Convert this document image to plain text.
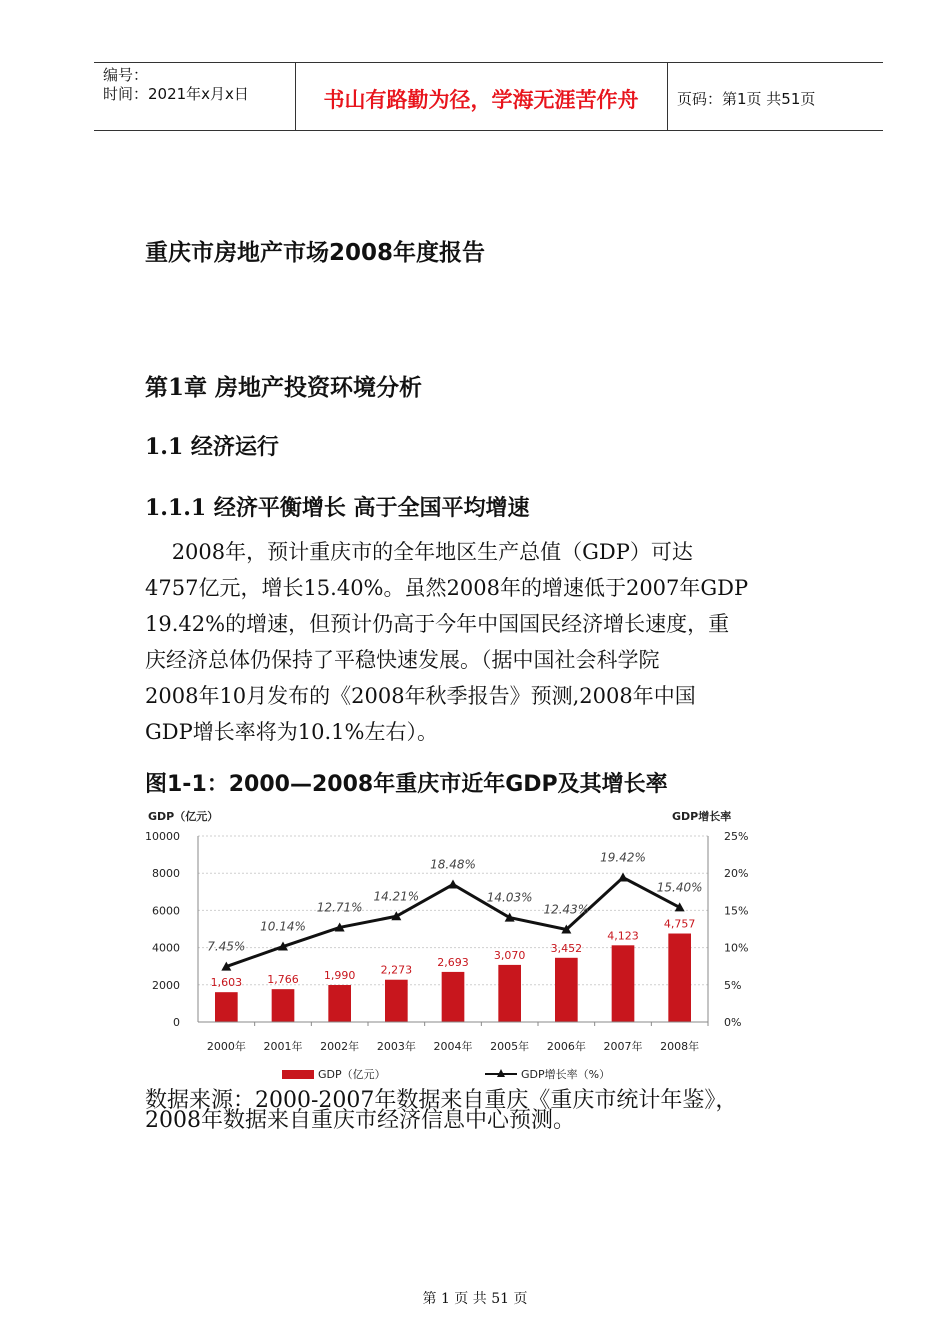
编号：
时间：2021年x月x日	书山有路勤为径，学海无涯苦作舟	页码：第1页 共51页
重庆市房地产市场2008年度报告
第1章 房地产投资环境分析
1.1 经济运行
1.1.1 经济平衡增长 高于全国平均增速
2008年，预计重庆市的全年地区生产总值（GDP）可达
4757亿元，增长15.40%。虽然2008年的增速低于2007年GDP
19.42%的增速，但预计仍高于今年中国国民经济增长速度，重
庆经济总体仍保持了平稳快速发展。（据中国社会科学院
2008年10月发布的《2008年秋季报告》预测,2008年中国
GDP增长率将为10.1%左右）。
图1-1：2000—2008年重庆市近年GDP及其增长率
GDP（亿元）	GDP增长率
1,603 1,766 1,990 2,273
2,693
3,070
3,452
4,123
4,757
7.45%
10.14%
12.71%
14.21%
18.48%
14.03%
12.43%
19.42%
15.40%
0
2000
4000
6000
8000
10000
0%
5%
10%
15%
20%
25%
2000年 2001年 2002年 2003年 2004年 2005年 2006年 2007年 2008年
GDP（亿元）	GDP增长率（%）
数据来源：2000-2007年数据来自重庆《重庆市统计年鉴》，
2008年数据来自重庆市经济信息中心预测。
第 1 页 共 51 页
